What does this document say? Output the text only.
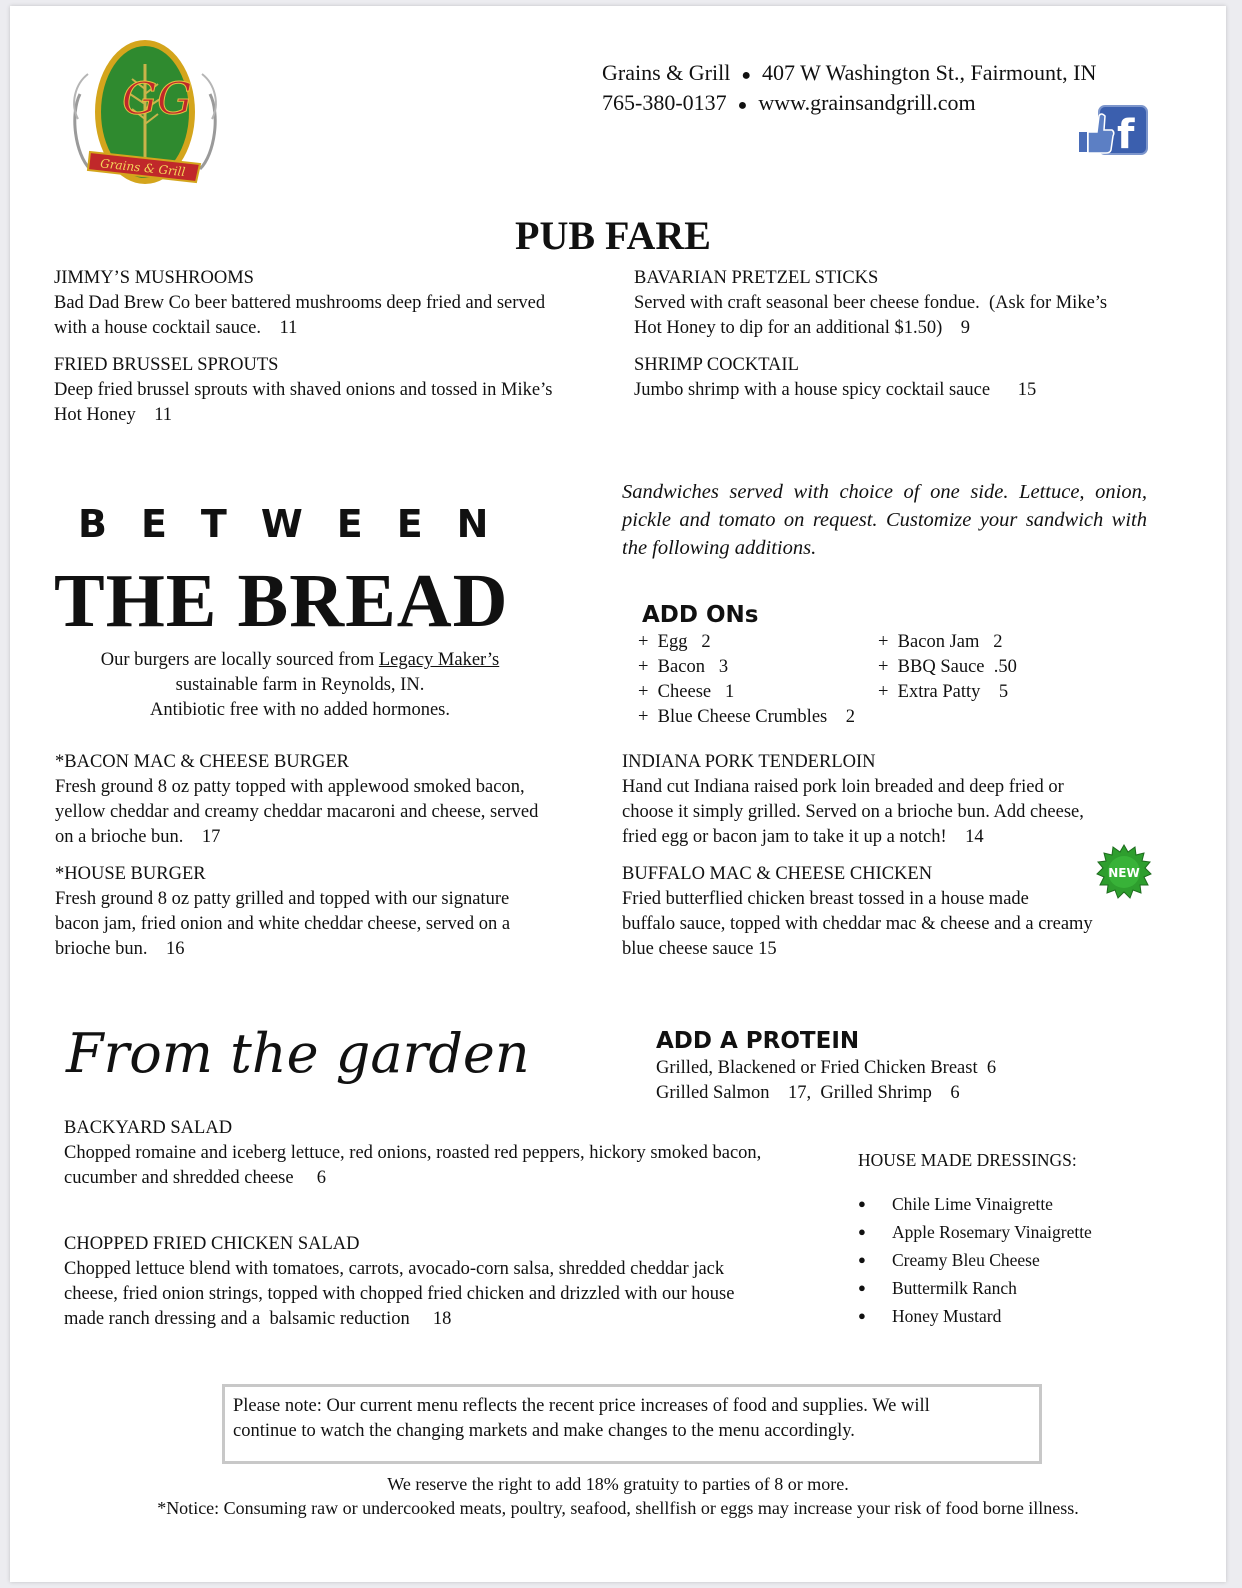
GG
Grains & Grill
Grains & Grill ● 407 W Washington St., Fairmount, IN
765-380-0137 ● www.grainsandgrill.com
f
PUB FARE
JIMMY’S MUSHROOMS
Bad Dad Brew Co beer battered mushrooms deep fried and served
with a house cocktail sauce.    11
FRIED BRUSSEL SPROUTS
Deep fried brussel sprouts with shaved onions and tossed in Mike’s
Hot Honey    11
BAVARIAN PRETZEL STICKS
Served with craft seasonal beer cheese fondue.  (Ask for Mike’s
Hot Honey to dip for an additional $1.50)    9
SHRIMP COCKTAIL
Jumbo shrimp with a house spicy cocktail sauce      15
BETWEEN
THE BREAD
Our burgers are locally sourced from Legacy Maker’s
sustainable farm in Reynolds, IN.
Antibiotic free with no added hormones.
Sandwiches served with choice of one side. Lettuce, onion, pickle and tomato on request. Customize your sandwich with the following additions.
ADD ONs
+  Egg   2
+  Bacon   3
+  Cheese   1
+  Blue Cheese Crumbles    2
+  Bacon Jam   2
+  BBQ Sauce  .50
+  Extra Patty    5
*BACON MAC & CHEESE BURGER
Fresh ground 8 oz patty topped with applewood smoked bacon,
yellow cheddar and creamy cheddar macaroni and cheese, served
on a brioche bun.    17
*HOUSE BURGER
Fresh ground 8 oz patty grilled and topped with our signature
bacon jam, fried onion and white cheddar cheese, served on a
brioche bun.    16
INDIANA PORK TENDERLOIN
Hand cut Indiana raised pork loin breaded and deep fried or
choose it simply grilled. Served on a brioche bun. Add cheese,
fried egg or bacon jam to take it up a notch!    14
BUFFALO MAC & CHEESE CHICKEN
Fried butterflied chicken breast tossed in a house made
buffalo sauce, topped with cheddar mac & cheese and a creamy
blue cheese sauce 15
NEW
From the garden	ADD A PROTEIN
Grilled, Blackened or Fried Chicken Breast  6
Grilled Salmon    17,  Grilled Shrimp    6
BACKYARD SALAD
Chopped romaine and iceberg lettuce, red onions, roasted red peppers, hickory smoked bacon,
cucumber and shredded cheese     6
CHOPPED FRIED CHICKEN SALAD
Chopped lettuce blend with tomatoes, carrots, avocado-corn salsa, shredded cheddar jack
cheese, fried onion strings, topped with chopped fried chicken and drizzled with our house
made ranch dressing and a  balsamic reduction     18
HOUSE MADE DRESSINGS:
● Chile Lime Vinaigrette
● Apple Rosemary Vinaigrette
● Creamy Bleu Cheese
● Buttermilk Ranch
● Honey Mustard
Please note: Our current menu reflects the recent price increases of food and supplies. We will
continue to watch the changing markets and make changes to the menu accordingly.
We reserve the right to add 18% gratuity to parties of 8 or more.
*Notice: Consuming raw or undercooked meats, poultry, seafood, shellfish or eggs may increase your risk of food borne illness.
